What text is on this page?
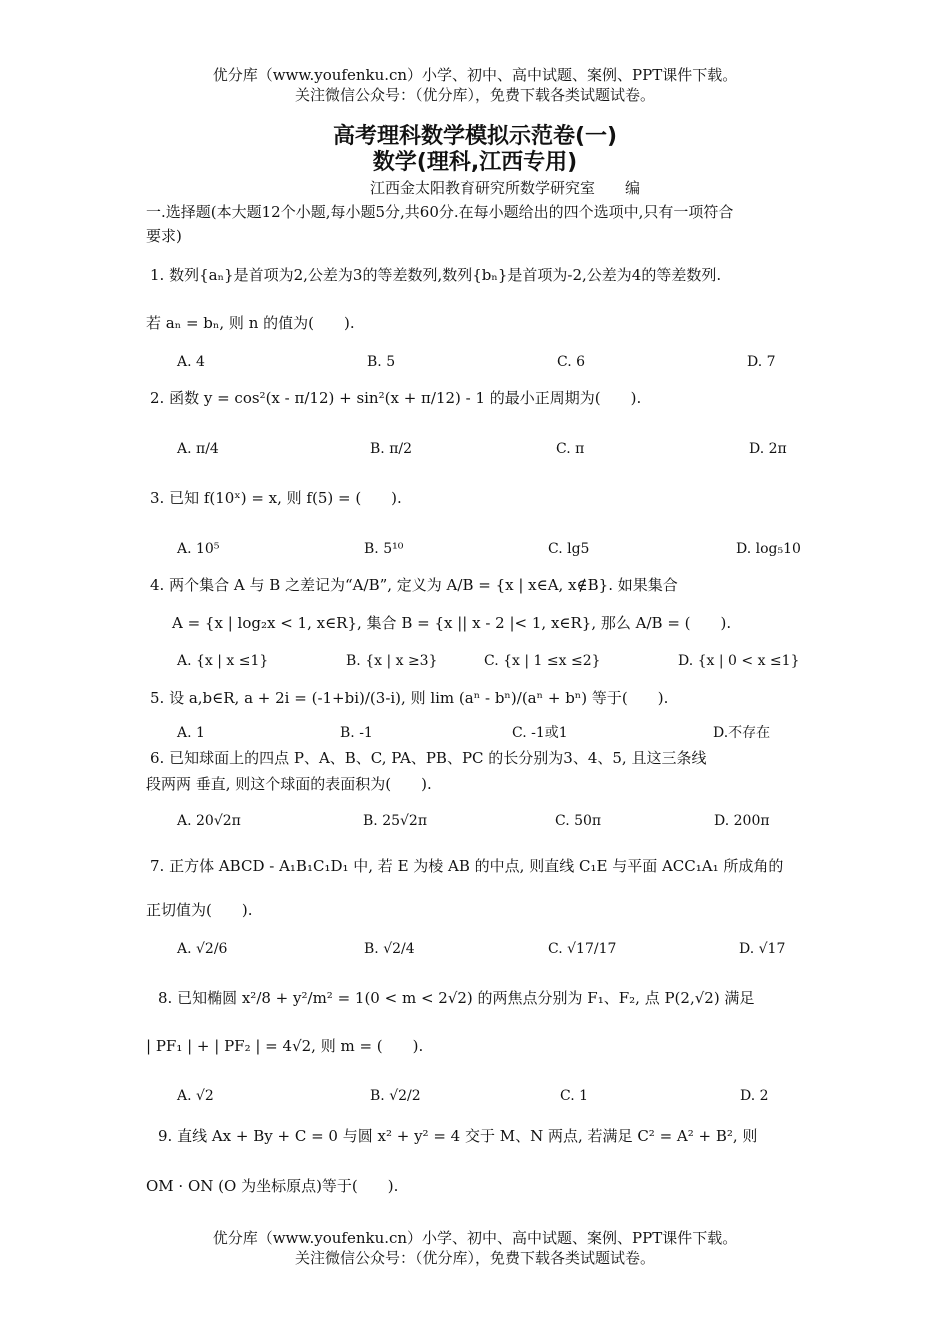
优分库（www.youfenku.cn）小学、初中、高中试题、案例、PPT课件下载。
关注微信公众号：（优分库），免费下载各类试题试卷。
高考理科数学模拟示范卷(一)
数学(理科,江西专用)
江西金太阳教育研究所数学研究室　　编
一.选择题(本大题12个小题,每小题5分,共60分.在每小题给出的四个选项中,只有一项符合
要求)
1. 数列{aₙ}是首项为2,公差为3的等差数列,数列{bₙ}是首项为-2,公差为4的等差数列.
若 aₙ = bₙ, 则 n 的值为(　　).
A. 4	B. 5	C. 6	D. 7
2. 函数 y = cos²(x - π/12) + sin²(x + π/12) - 1 的最小正周期为(　　).
A. π/4	B. π/2	C. π	D. 2π
3. 已知 f(10ˣ) = x, 则 f(5) = (　　).
A. 10⁵	B. 5¹⁰	C. lg5	D. log₅10
4. 两个集合 A 与 B 之差记为“A/B”, 定义为 A/B = {x | x∈A, x∉B}. 如果集合
A = {x | log₂x < 1, x∈R}, 集合 B = {x || x - 2 |< 1, x∈R}, 那么 A/B = (　　).
A. {x | x ≤1}	B. {x | x ≥3}	C. {x | 1 ≤x ≤2}	D. {x | 0 < x ≤1}
5. 设 a,b∈R, a + 2i = (-1+bi)/(3-i), 则 lim (aⁿ - bⁿ)/(aⁿ + bⁿ) 等于(　　).
A. 1	B. -1	C. -1或1	D.不存在
6. 已知球面上的四点 P、A、B、C, PA、PB、PC 的长分别为3、4、5, 且这三条线
段两两 垂直, 则这个球面的表面积为(　　).
A. 20√2π	B. 25√2π	C. 50π	D. 200π
7. 正方体 ABCD - A₁B₁C₁D₁ 中, 若 E 为棱 AB 的中点, 则直线 C₁E 与平面 ACC₁A₁ 所成角的
正切值为(　　).
A. √2/6	B. √2/4	C. √17/17	D. √17
8. 已知椭圆 x²/8 + y²/m² = 1(0 < m < 2√2) 的两焦点分别为 F₁、F₂, 点 P(2,√2) 满足
| PF₁ | + | PF₂ | = 4√2, 则 m = (　　).
A. √2	B. √2/2	C. 1	D. 2
9. 直线 Ax + By + C = 0 与圆 x² + y² = 4 交于 M、N 两点, 若满足 C² = A² + B², 则
OM · ON (O 为坐标原点)等于(　　).
优分库（www.youfenku.cn）小学、初中、高中试题、案例、PPT课件下载。
关注微信公众号：（优分库），免费下载各类试题试卷。
